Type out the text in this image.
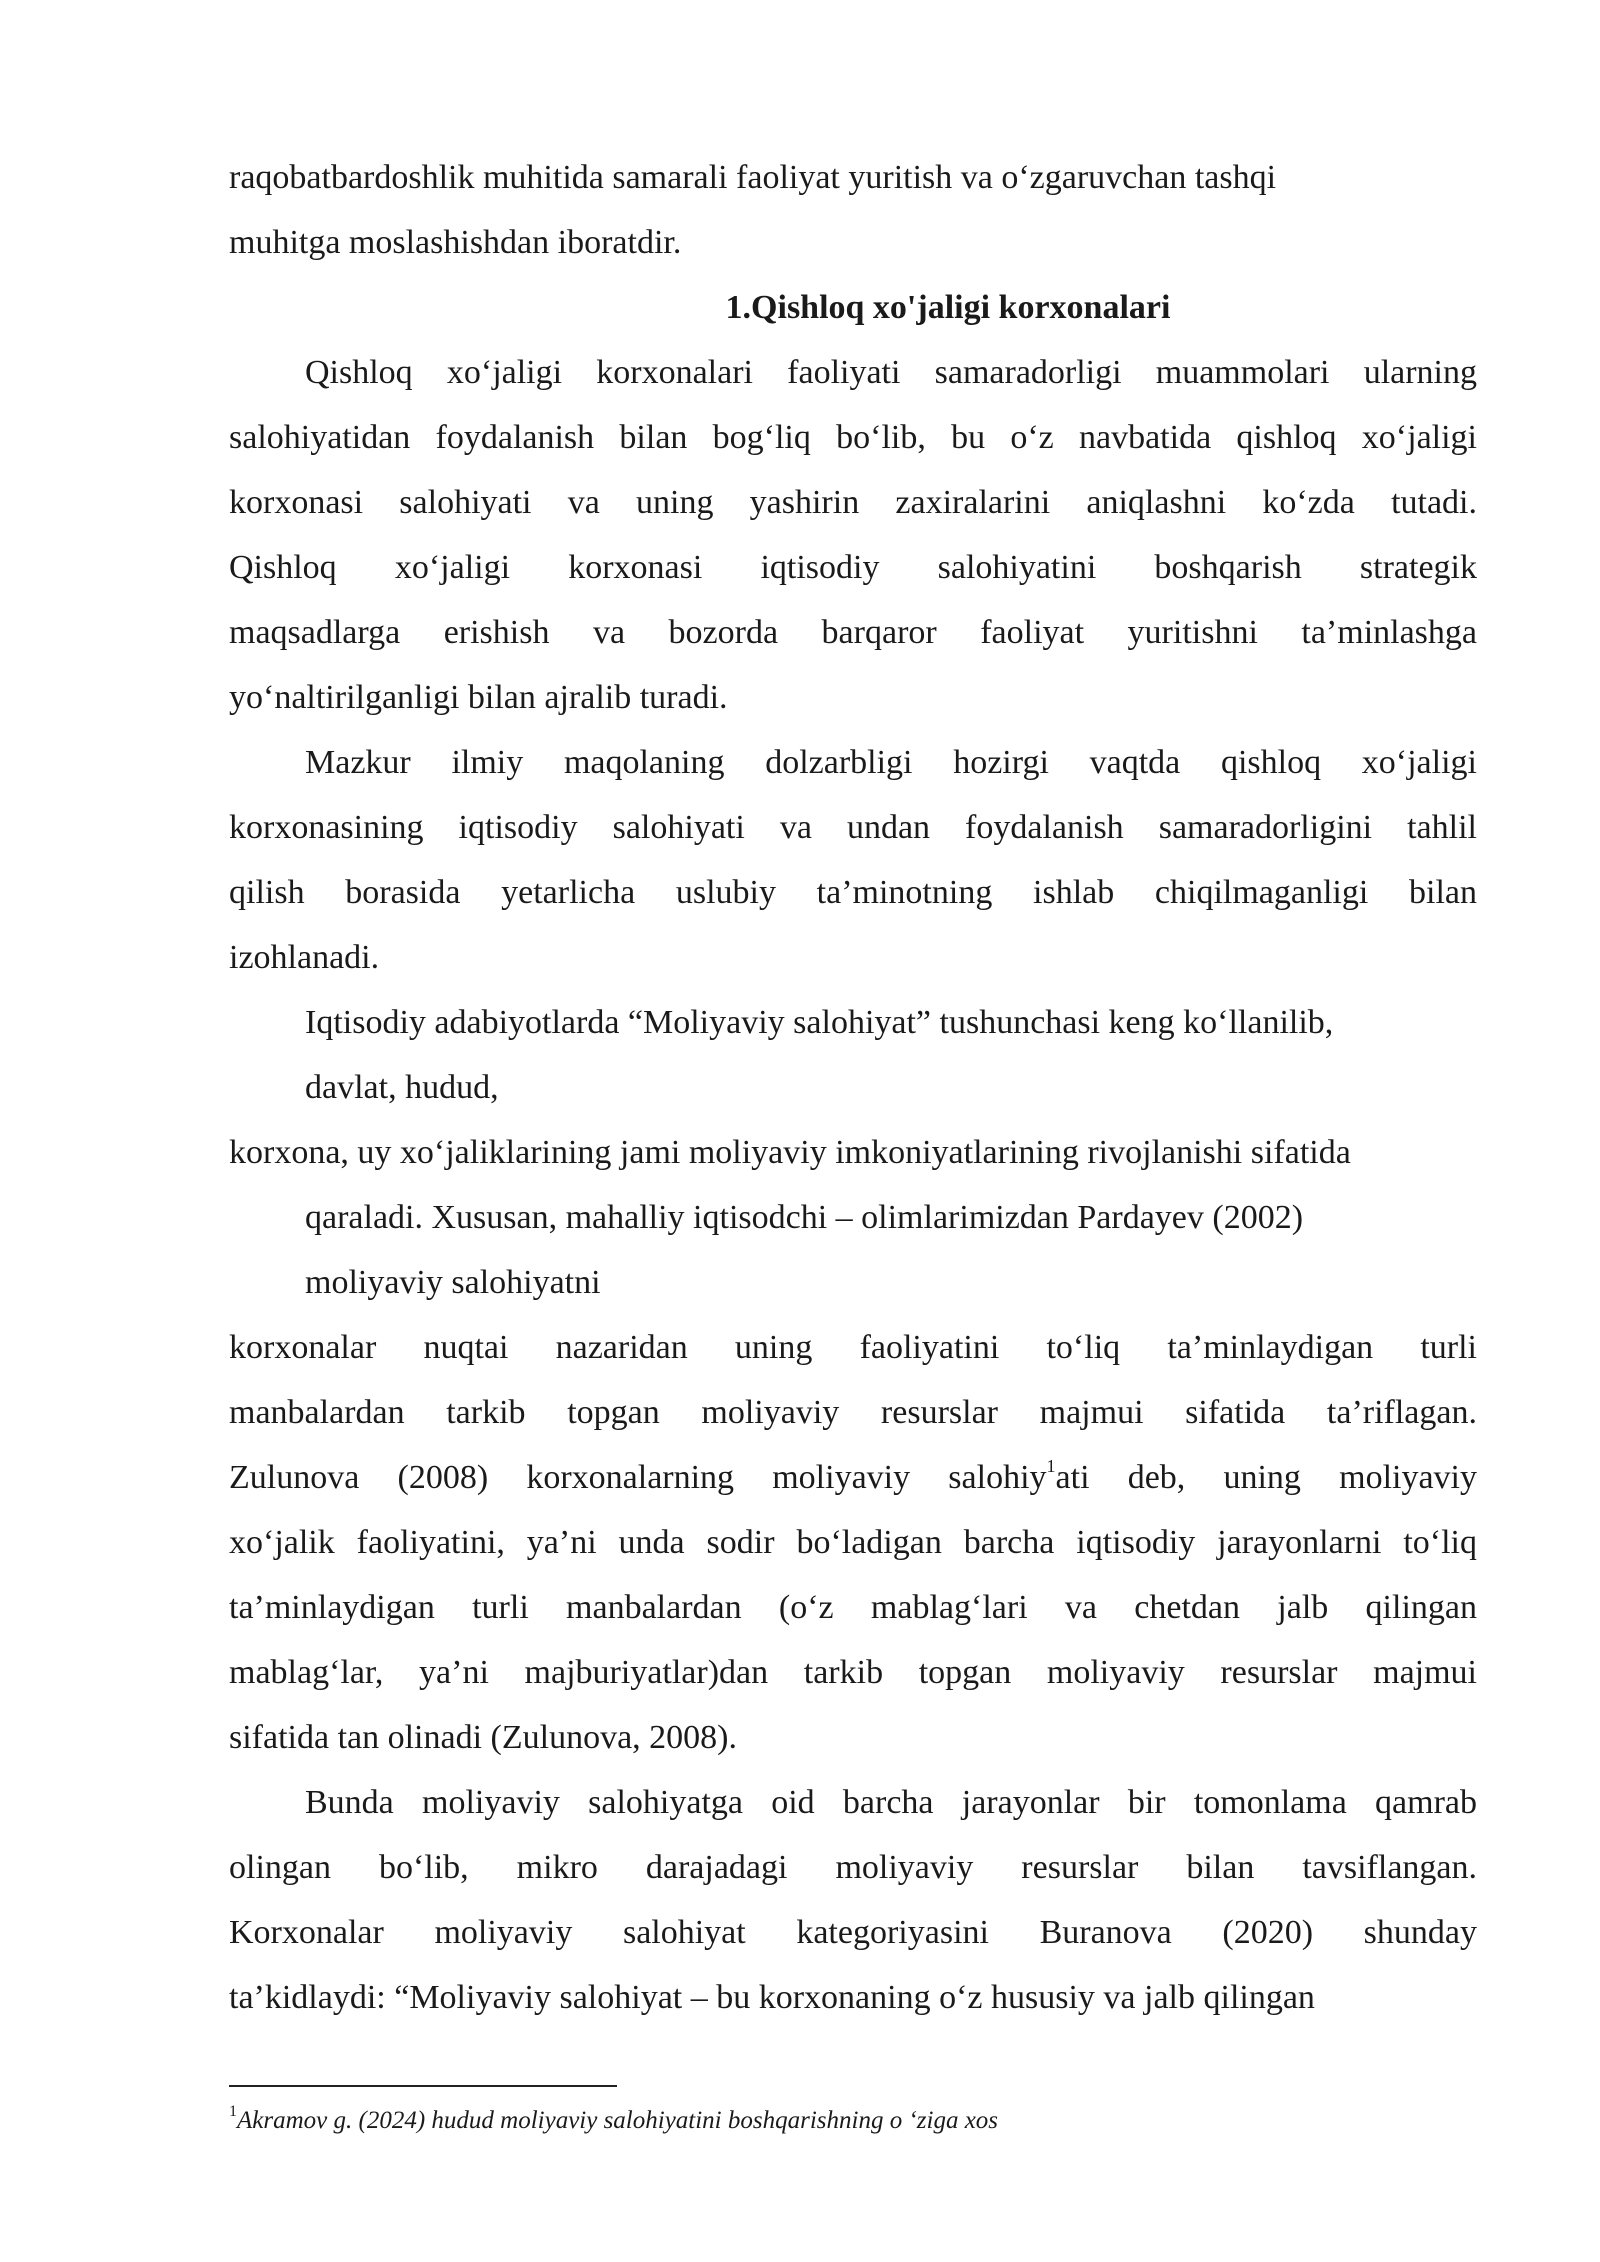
raqobatbardoshlik muhitida samarali faoliyat yuritish va o‘zgaruvchan tashqi
muhitga moslashishdan iboratdir.
1.Qishloq xo'jaligi korxonalari
Qishloq xo‘jaligi korxonalari faoliyati samaradorligi muammolari ularning
salohiyatidan foydalanish bilan bog‘liq bo‘lib, bu o‘z navbatida qishloq xo‘jaligi
korxonasi salohiyati va uning yashirin zaxiralarini aniqlashni ko‘zda tutadi.
Qishloq xo‘jaligi korxonasi iqtisodiy salohiyatini boshqarish strategik
maqsadlarga erishish va bozorda barqaror faoliyat yuritishni ta’minlashga
yo‘naltirilganligi bilan ajralib turadi.
Mazkur ilmiy maqolaning dolzarbligi hozirgi vaqtda qishloq xo‘jaligi
korxonasining iqtisodiy salohiyati va undan foydalanish samaradorligini tahlil
qilish borasida yetarlicha uslubiy ta’minotning ishlab chiqilmaganligi bilan
izohlanadi.
Iqtisodiy adabiyotlarda “Moliyaviy salohiyat” tushunchasi keng ko‘llanilib,
davlat, hudud,
korxona, uy xo‘jaliklarining jami moliyaviy imkoniyatlarining rivojlanishi sifatida
qaraladi. Xususan, mahalliy iqtisodchi – olimlarimizdan Pardayev (2002)
moliyaviy salohiyatni
korxonalar nuqtai nazaridan uning faoliyatini to‘liq ta’minlaydigan turli
manbalardan tarkib topgan moliyaviy resurslar majmui sifatida ta’riflagan.
Zulunova (2008) korxonalarning moliyaviy salohiy$^1$ati deb, uning moliyaviy
xo‘jalik faoliyatini, ya’ni unda sodir bo‘ladigan barcha iqtisodiy jarayonlarni to‘liq
ta’minlaydigan turli manbalardan (o‘z mablag‘lari va chetdan jalb qilingan
mablag‘lar, ya’ni majburiyatlar)dan tarkib topgan moliyaviy resurslar majmui
sifatida tan olinadi (Zulunova, 2008).
Bunda moliyaviy salohiyatga oid barcha jarayonlar bir tomonlama qamrab
olingan bo‘lib, mikro darajadagi moliyaviy resurslar bilan tavsiflangan.
Korxonalar moliyaviy salohiyat kategoriyasini Buranova (2020) shunday
ta’kidlaydi: “Moliyaviy salohiyat – bu korxonaning o‘z hususiy va jalb qilingan
$^1$Akramov g. (2024) hudud moliyaviy salohiyatini boshqarishning o ‘ziga xos
